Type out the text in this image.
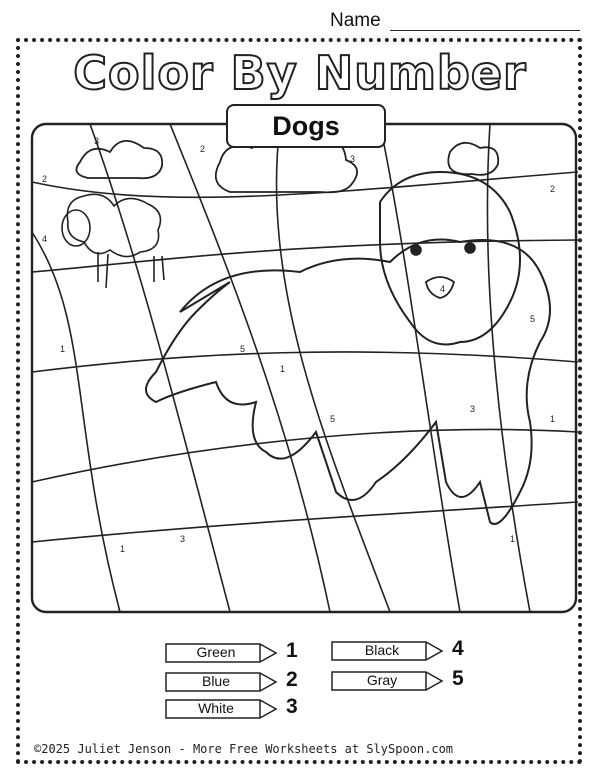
Name
Color By Number
Dogs
1
1
1
1
1
2
2
2
3
3
3
3
4
4
5
5
5
Green	1
Blue	2
White	3
Black	4
Gray	5
©2025 Juliet Jenson - More Free Worksheets at SlySpoon.com
